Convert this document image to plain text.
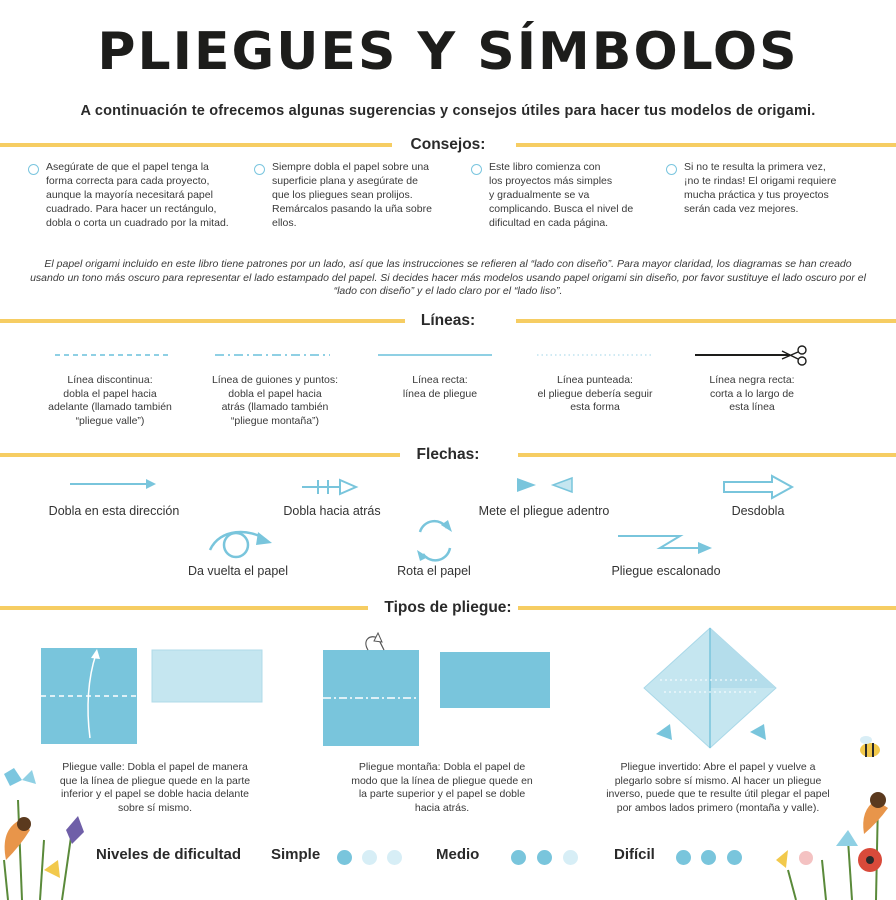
PLIEGUES Y SÍMBOLOS
A continuación te ofrecemos algunas sugerencias y consejos útiles para hacer tus modelos de origami.
Consejos:
Asegúrate de que el papel tenga la
forma correcta para cada proyecto,
aunque la mayoría necesitará papel
cuadrado. Para hacer un rectángulo,
dobla o corta un cuadrado por la mitad.
Siempre dobla el papel sobre una
superficie plana y asegúrate de
que los pliegues sean prolijos.
Remárcalos pasando la uña sobre
ellos.
Este libro comienza con
los proyectos más simples
y gradualmente se va
complicando. Busca el nivel de
dificultad en cada página.
Si no te resulta la primera vez,
¡no te rindas! El origami requiere
mucha práctica y tus proyectos
serán cada vez mejores.
El papel origami incluido en este libro tiene patrones por un lado, así que las instrucciones se refieren al “lado con diseño”. Para mayor claridad, los diagramas se han creado usando un tono más oscuro para representar el lado estampado del papel. Si decides hacer más modelos usando papel origami sin diseño, por favor sustituye el lado oscuro por el “lado con diseño” y el lado claro por el “lado liso”.
Líneas:
Línea discontinua:
dobla el papel hacia
adelante (llamado también
“pliegue valle”)
Línea de guiones y puntos:
dobla el papel hacia
atrás (llamado también
“pliegue montaña”)
Línea recta:
línea de pliegue
Línea punteada:
el pliegue debería seguir
esta forma
Línea negra recta:
corta a lo largo de
esta línea
Flechas:
Dobla en esta dirección	Dobla hacia atrás	Mete el pliegue adentro	Desdobla
Da vuelta el papel	Rota el papel	Pliegue escalonado
Tipos de pliegue:
Pliegue valle: Dobla el papel de manera
que la línea de pliegue quede en la parte
inferior y el papel se doble hacia delante
sobre sí mismo.
Pliegue montaña: Dobla el papel de
modo que la línea de pliegue quede en
la parte superior y el papel se doble
hacia atrás.
Pliegue invertido: Abre el papel y vuelve a
plegarlo sobre sí mismo. Al hacer un pliegue
inverso, puede que te resulte útil plegar el papel
por ambos lados primero (montaña y valle).
Niveles de dificultad Simple	Medio	Difícil
